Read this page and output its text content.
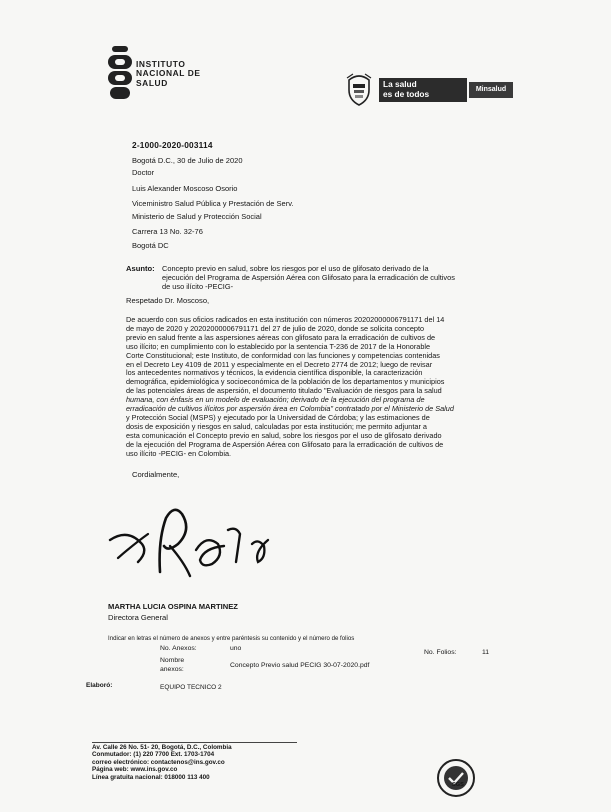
INSTITUTO
NACIONAL DE
SALUD	La salud
es de todos	Minsalud
2-1000-2020-003114
Bogotá D.C., 30 de Julio de 2020
Doctor
Luis Alexander Moscoso Osorio
Viceministro Salud Pública y Prestación de Serv.
Ministerio de Salud y Protección Social
Carrera 13 No. 32-76
Bogotá DC
Asunto: Concepto previo en salud, sobre los riesgos por el uso de glifosato derivado de la
ejecución del Programa de Aspersión Aérea con Glifosato para la erradicación de cultivos
de uso ilícito -PECIG-
Respetado Dr. Moscoso,
De acuerdo con sus oficios radicados en esta institución con números 20202000006791171 del 14
de mayo de 2020 y 20202000006791171 del 27 de julio de 2020, donde se solicita concepto
previo en salud frente a las aspersiones aéreas con glifosato para la erradicación de cultivos de
uso ilícito; en cumplimiento con lo establecido por la sentencia T-236 de 2017 de la Honorable
Corte Constitucional; este Instituto, de conformidad con las funciones y competencias contenidas
en el Decreto Ley 4109 de 2011 y especialmente en el Decreto 2774 de 2012; luego de revisar
los antecedentes normativos y técnicos, la evidencia científica disponible, la caracterización
demográfica, epidemiológica y socioeconómica de la población de los departamentos y municipios
de las potenciales áreas de aspersión, el documento titulado "Evaluación de riesgos para la salud
humana, con énfasis en un modelo de evaluación; derivado de la ejecución del programa de
erradicación de cultivos ilícitos por aspersión área en Colombia" contratado por el Ministerio de Salud
y Protección Social (MSPS) y ejecutado por la Universidad de Córdoba; y las estimaciones de
dosis de exposición y riesgos en salud, calculadas por esta institución; me permito adjuntar a
esta comunicación el Concepto previo en salud, sobre los riesgos por el uso de glifosato derivado
de la ejecución del Programa de Aspersión Aérea con Glifosato para la erradicación de cultivos de
uso ilícito -PECIG- en Colombia.
Cordialmente,
MARTHA LUCIA OSPINA MARTINEZ
Directora General
Indicar en letras el número de anexos y entre paréntesis su contenido y el número de folios
No. Anexos:	uno
No. Folios:	11
Nombre
anexos:
Concepto Previo salud PECIG 30-07-2020.pdf
Elaboró:	EQUIPO TECNICO 2
Av. Calle 26 No. 51- 20, Bogotá, D.C., Colombia
Conmutador: (1) 220 7700 Ext. 1703-1704
correo electrónico: contactenos@ins.gov.co
Página web: www.ins.gov.co
Línea gratuita nacional: 018000 113 400
SGS
